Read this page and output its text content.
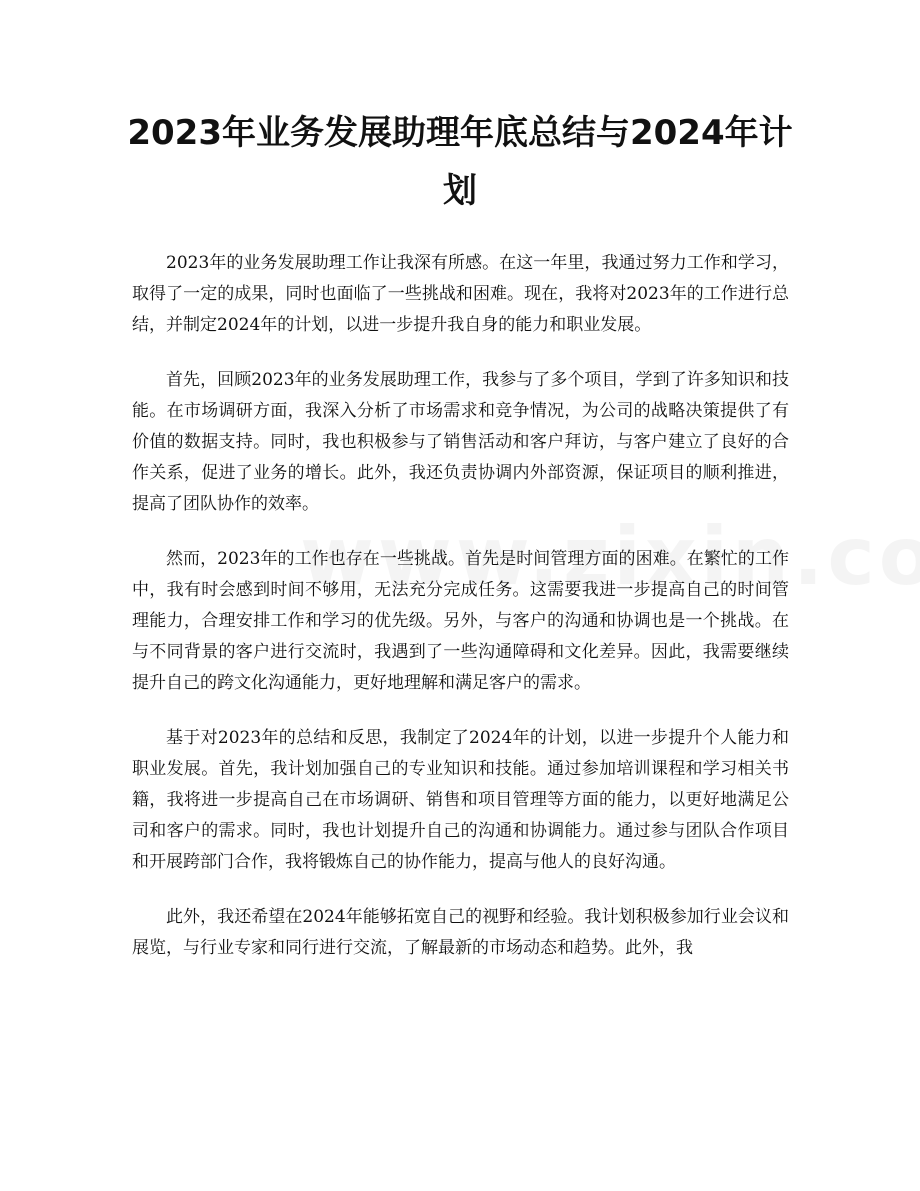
2023年业务发展助理年底总结与2024年计划

2023年的业务发展助理工作让我深有所感。在这一年里，我通过努力工作和学习，取得了一定的成果，同时也面临了一些挑战和困难。现在，我将对2023年的工作进行总结，并制定2024年的计划，以进一步提升我自身的能力和职业发展。

首先，回顾2023年的业务发展助理工作，我参与了多个项目，学到了许多知识和技能。在市场调研方面，我深入分析了市场需求和竞争情况，为公司的战略决策提供了有价值的数据支持。同时，我也积极参与了销售活动和客户拜访，与客户建立了良好的合作关系，促进了业务的增长。此外，我还负责协调内外部资源，保证项目的顺利推进，提高了团队协作的效率。

然而，2023年的工作也存在一些挑战。首先是时间管理方面的困难。在繁忙的工作中，我有时会感到时间不够用，无法充分完成任务。这需要我进一步提高自己的时间管理能力，合理安排工作和学习的优先级。另外，与客户的沟通和协调也是一个挑战。在与不同背景的客户进行交流时，我遇到了一些沟通障碍和文化差异。因此，我需要继续提升自己的跨文化沟通能力，更好地理解和满足客户的需求。

基于对2023年的总结和反思，我制定了2024年的计划，以进一步提升个人能力和职业发展。首先，我计划加强自己的专业知识和技能。通过参加培训课程和学习相关书籍，我将进一步提高自己在市场调研、销售和项目管理等方面的能力，以更好地满足公司和客户的需求。同时，我也计划提升自己的沟通和协调能力。通过参与团队合作项目和开展跨部门合作，我将锻炼自己的协作能力，提高与他人的良好沟通。

此外，我还希望在2024年能够拓宽自己的视野和经验。我计划积极参加行业会议和展览，与行业专家和同行进行交流，了解最新的市场动态和趋势。此外，我
